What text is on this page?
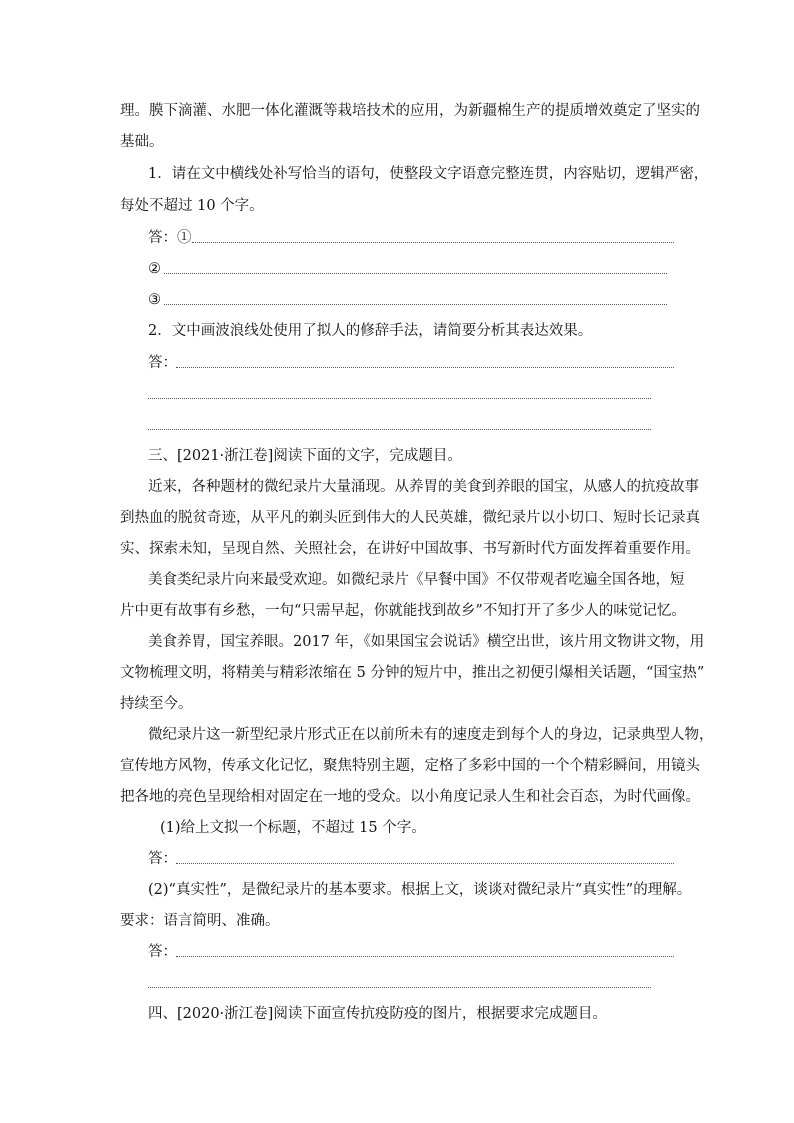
理。膜下滴灌、水肥一体化灌溉等栽培技术的应用，为新疆棉生产的提质增效奠定了坚实的
基础。
1．请在文中横线处补写恰当的语句，使整段文字语意完整连贯，内容贴切，逻辑严密，
每处不超过 10 个字。
答：①
②
③
2．文中画波浪线处使用了拟人的修辞手法，请简要分析其表达效果。
答：
三、[2021·浙江卷]阅读下面的文字，完成题目。
近来，各种题材的微纪录片大量涌现。从养胃的美食到养眼的国宝，从感人的抗疫故事
到热血的脱贫奇迹，从平凡的剃头匠到伟大的人民英雄，微纪录片以小切口、短时长记录真
实、探索未知，呈现自然、关照社会，在讲好中国故事、书写新时代方面发挥着重要作用。
美食类纪录片向来最受欢迎。如微纪录片《早餐中国》不仅带观者吃遍全国各地，短
片中更有故事有乡愁，一句“只需早起，你就能找到故乡”不知打开了多少人的味觉记忆。
美食养胃，国宝养眼。2017 年，《如果国宝会说话》横空出世，该片用文物讲文物，用
文物梳理文明，将精美与精彩浓缩在 5 分钟的短片中，推出之初便引爆相关话题，“国宝热”
持续至今。
微纪录片这一新型纪录片形式正在以前所未有的速度走到每个人的身边，记录典型人物，
宣传地方风物，传承文化记忆，聚焦特别主题，定格了多彩中国的一个个精彩瞬间，用镜头
把各地的亮色呈现给相对固定在一地的受众。以小角度记录人生和社会百态，为时代画像。
(1)给上文拟一个标题，不超过 15 个字。
答：
(2)“真实性”，是微纪录片的基本要求。根据上文，谈谈对微纪录片“真实性”的理解。
要求：语言简明、准确。
答：
四、[2020·浙江卷]阅读下面宣传抗疫防疫的图片，根据要求完成题目。
